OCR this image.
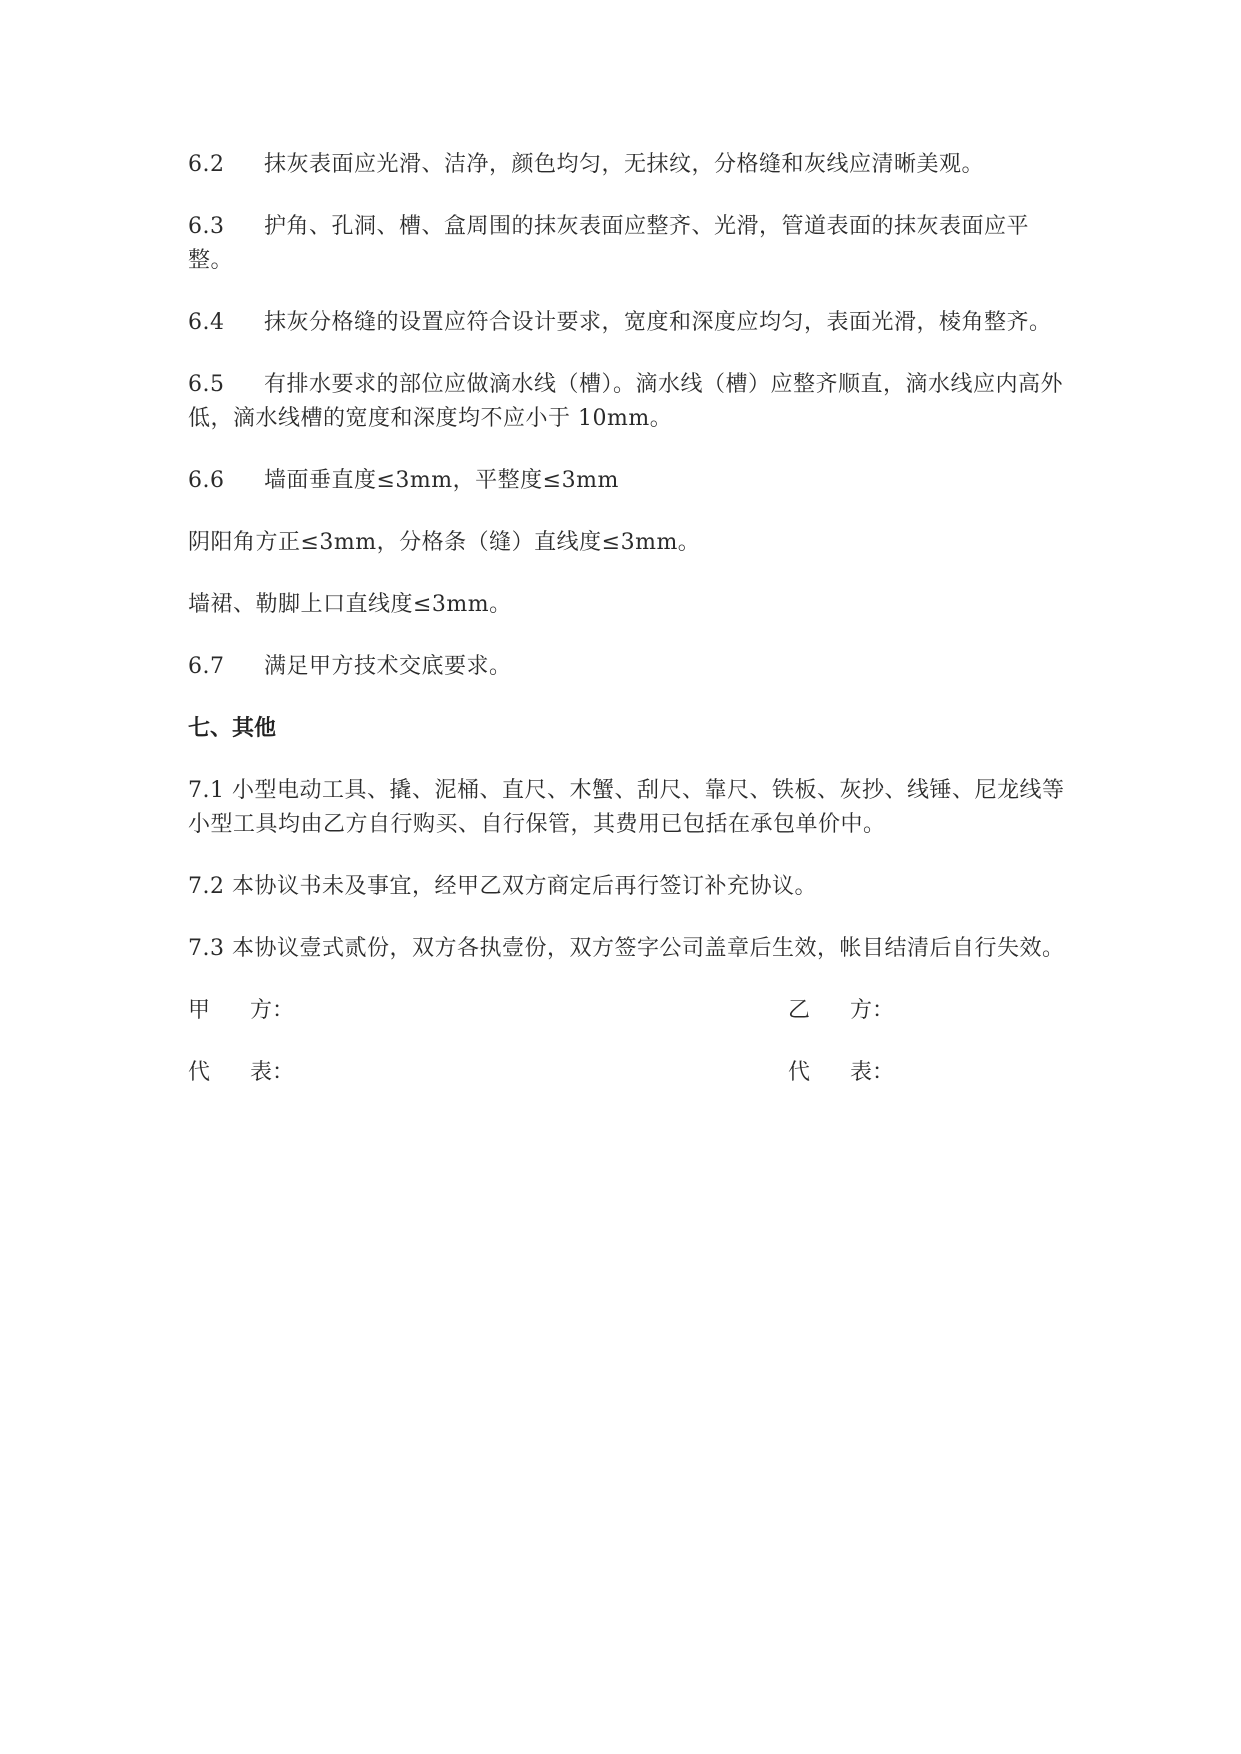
6.2 抹灰表面应光滑、洁净，颜色均匀，无抹纹，分格缝和灰线应清晰美观。

6.3 护角、孔洞、槽、盒周围的抹灰表面应整齐、光滑，管道表面的抹灰表面应平整。

6.4 抹灰分格缝的设置应符合设计要求，宽度和深度应均匀，表面光滑，棱角整齐。

6.5 有排水要求的部位应做滴水线（槽）。滴水线（槽）应整齐顺直，滴水线应内高外低，滴水线槽的宽度和深度均不应小于 10mm。

6.6 墙面垂直度≤3mm，平整度≤3mm

阴阳角方正≤3mm，分格条（缝）直线度≤3mm。

墙裙、勒脚上口直线度≤3mm。

6.7 满足甲方技术交底要求。

七、其他

7.1 小型电动工具、撬、泥桶、直尺、木蟹、刮尺、靠尺、铁板、灰抄、线锤、尼龙线等小型工具均由乙方自行购买、自行保管，其费用已包括在承包单价中。

7.2 本协议书未及事宜，经甲乙双方商定后再行签订补充协议。

7.3 本协议壹式贰份，双方各执壹份，双方签字公司盖章后生效，帐目结清后自行失效。

甲 方：	乙 方：
代 表：	代 表：
